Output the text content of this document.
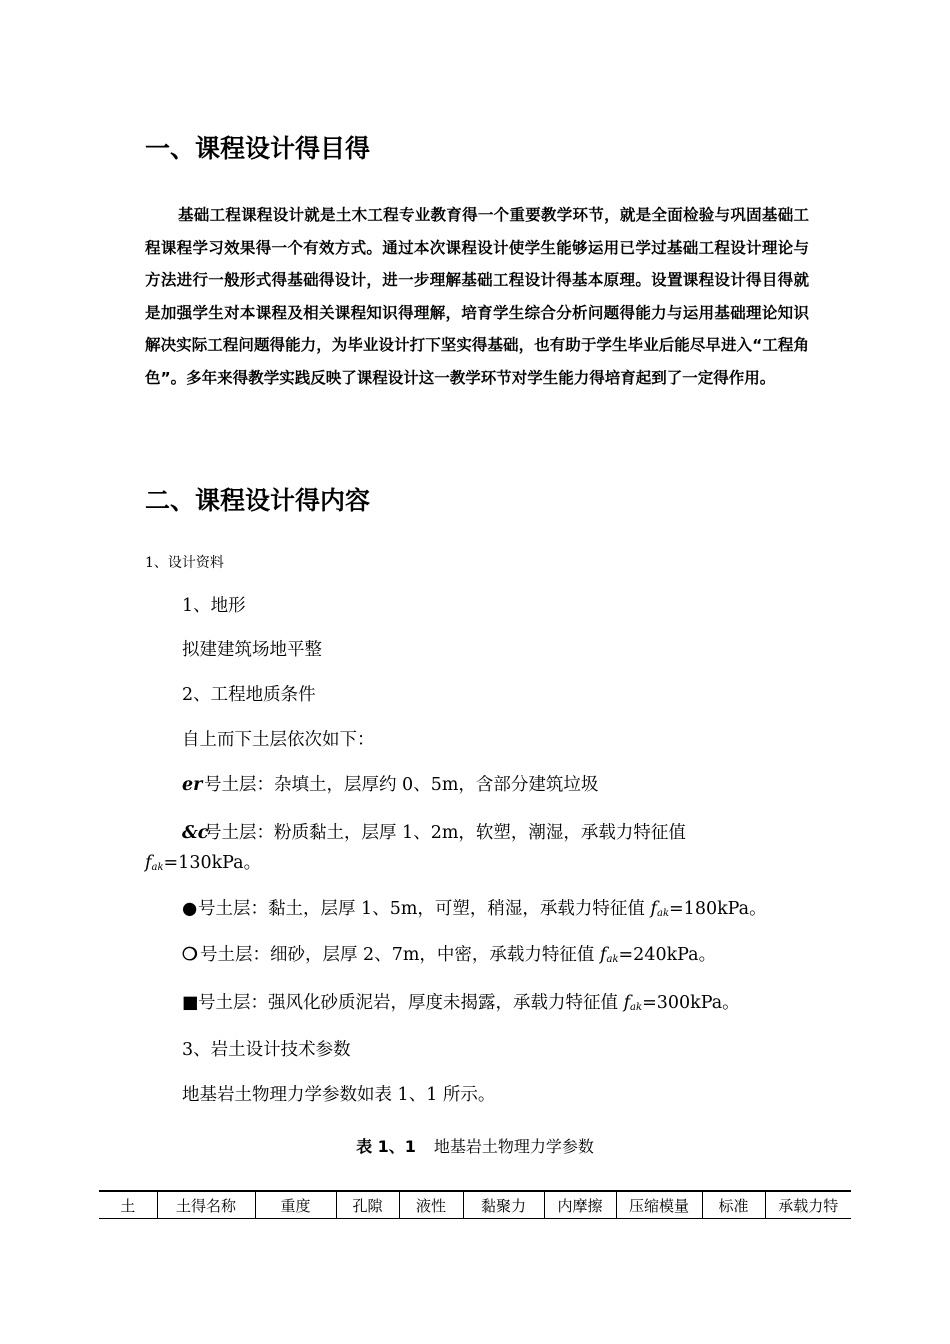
一、课程设计得目得

基础工程课程设计就是土木工程专业教育得一个重要教学环节，就是全面检验与巩固基础工程课程学习效果得一个有效方式。通过本次课程设计使学生能够运用已学过基础工程设计理论与方法进行一般形式得基础得设计，进一步理解基础工程设计得基本原理。设置课程设计得目得就是加强学生对本课程及相关课程知识得理解，培育学生综合分析问题得能力与运用基础理论知识解决实际工程问题得能力，为毕业设计打下坚实得基础，也有助于学生毕业后能尽早进入“工程角色”。多年来得教学实践反映了课程设计这一教学环节对学生能力得培育起到了一定得作用。

二、课程设计得内容
1、设计资料
1、地形
拟建建筑场地平整
2、工程地质条件
自上而下土层依次如下：
er号土层：杂填土，层厚约 0、5m，含部分建筑垃圾
&c号土层：粉质黏土，层厚 1、2m，软塑，潮湿，承载力特征值
$f_{ak}=130kPa$。
●号土层：黏土，层厚 1、5m，可塑，稍湿，承载力特征值 $f_{ak}=180kPa$。
❍ 号土层：细砂，层厚 2、7m，中密，承载力特征值 $f_{ak}=240kPa$。
■号土层：强风化砂质泥岩，厚度未揭露，承载力特征值 $f_{ak}=300kPa$。
3、岩土设计技术参数
地基岩土物理力学参数如表 1、1 所示。
表 1、1 地基岩土物理力学参数
土	土得名称	重度	孔隙	液性	黏聚力	内摩擦	压缩模量	标准	承载力特
